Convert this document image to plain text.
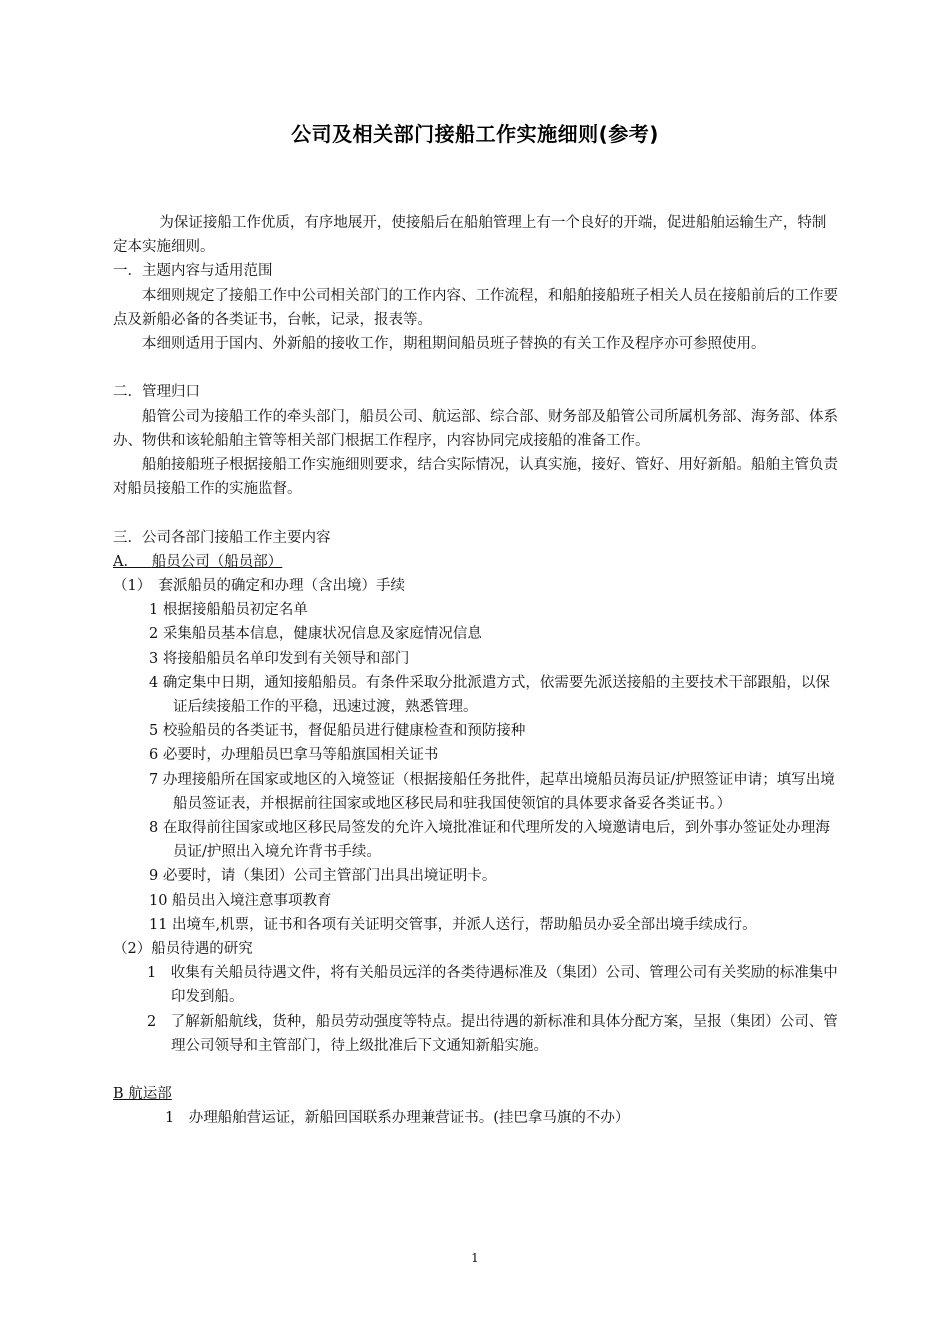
公司及相关部门接船工作实施细则(参考)

为保证接船工作优质，有序地展开，使接船后在船舶管理上有一个良好的开端，促进船舶运输生产，特制定本实施细则。

一．主题内容与适用范围

本细则规定了接船工作中公司相关部门的工作内容、工作流程，和船舶接船班子相关人员在接船前后的工作要点及新船必备的各类证书，台帐，记录，报表等。

本细则适用于国内、外新船的接收工作，期租期间船员班子替换的有关工作及程序亦可参照使用。

二．管理归口

船管公司为接船工作的牵头部门，船员公司、航运部、综合部、财务部及船管公司所属机务部、海务部、体系办、物供和该轮船舶主管等相关部门根据工作程序，内容协同完成接船的准备工作。

船舶接船班子根据接船工作实施细则要求，结合实际情况，认真实施，接好、管好、用好新船。船舶主管负责对船员接船工作的实施监督。

三．公司各部门接船工作主要内容

A． 船员公司（船员部）

（1）　套派船员的确定和办理（含出境）手续

1 根据接船船员初定名单

2 采集船员基本信息，健康状况信息及家庭情况信息

3 将接船船员名单印发到有关领导和部门

4 确定集中日期，通知接船船员。有条件采取分批派遣方式，依需要先派送接船的主要技术干部跟船，以保证后续接船工作的平稳，迅速过渡，熟悉管理。

5 校验船员的各类证书，督促船员进行健康检查和预防接种

6 必要时，办理船员巴拿马等船旗国相关证书

7 办理接船所在国家或地区的入境签证（根据接船任务批件，起草出境船员海员证/护照签证申请；填写出境船员签证表，并根据前往国家或地区移民局和驻我国使领馆的具体要求备妥各类证书。）

8 在取得前往国家或地区移民局签发的允许入境批准证和代理所发的入境邀请电后，到外事办签证处办理海员证/护照出入境允许背书手续。

9 必要时，请（集团）公司主管部门出具出境证明卡。

10 船员出入境注意事项教育

11 出境车,机票，证书和各项有关证明交管事，并派人送行，帮助船员办妥全部出境手续成行。

（2）船员待遇的研究

1　收集有关船员待遇文件，将有关船员远洋的各类待遇标准及（集团）公司、管理公司有关奖励的标准集中印发到船。

2　了解新船航线，货种，船员劳动强度等特点。提出待遇的新标准和具体分配方案，呈报（集团）公司、管理公司领导和主管部门，待上级批准后下文通知新船实施。

B 航运部

1　办理船舶营运证，新船回国联系办理兼营证书。(挂巴拿马旗的不办）

1
